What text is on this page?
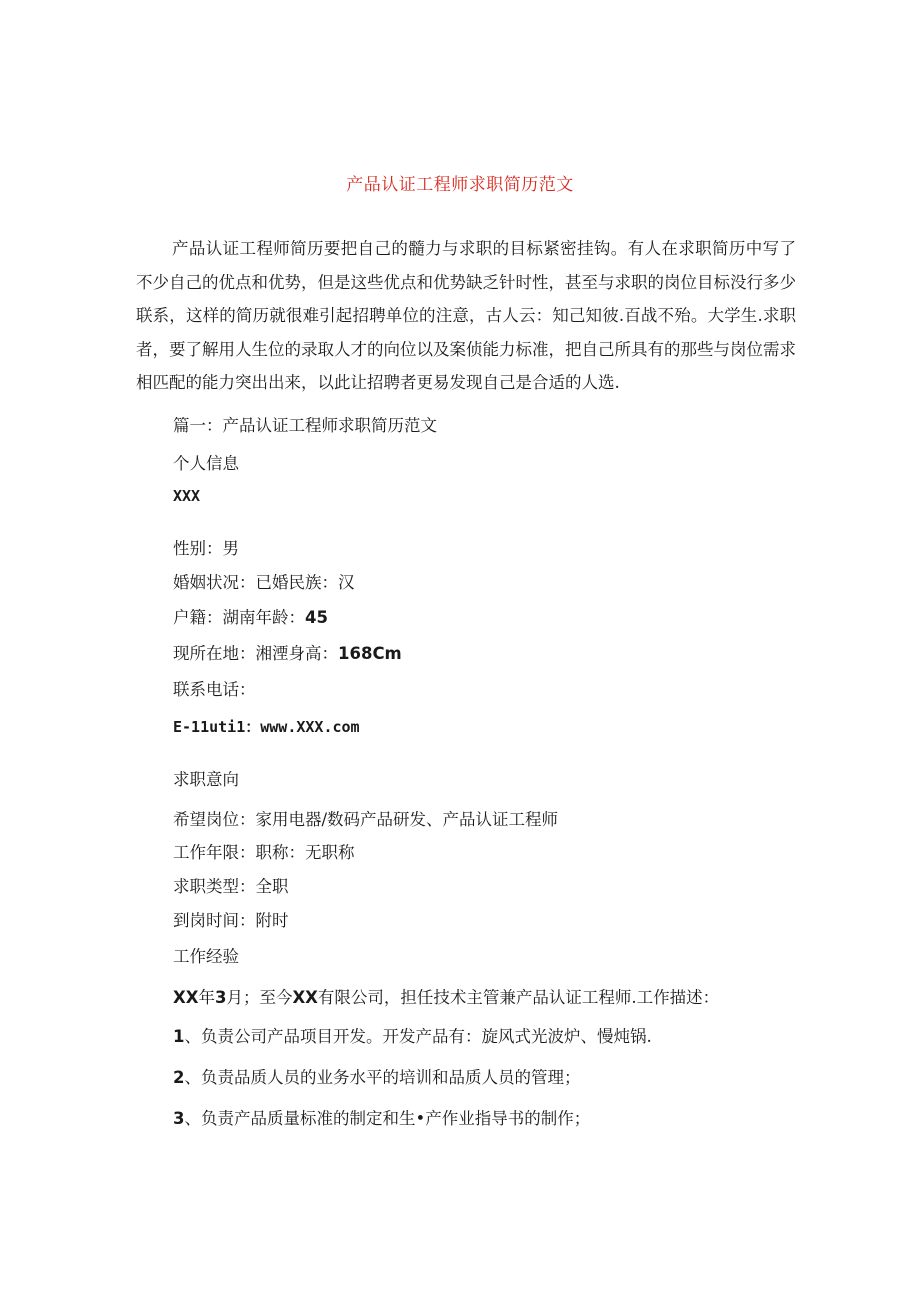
产品认证工程师求职简历范文

产品认证工程师简历要把自己的髓力与求职的目标紧密挂钩。有人在求职简历中写了不少自己的优点和优势，但是这些优点和优势缺乏针时性，甚至与求职的岗位目标没行多少联系，这样的简历就很难引起招聘单位的注意，古人云：知己知彼.百战不殆。大学生.求职者，要了解用人生位的录取人才的向位以及案侦能力标准，把自己所具有的那些与岗位需求相匹配的能力突出出来，以此让招聘者更易发现自己是合适的人选.

篇一：产品认证工程师求职简历范文

个人信息

XXX

性别：男

婚姻状况：已婚民族：汉

户籍：湖南年龄：45

现所在地：湘湮身高：168Cm

联系电话：

E-11uti1：www.XXX.com

求职意向

希望岗位：家用电器/数码产品研发、产品认证工程师

工作年限：职称：无职称

求职类型：全职

到岗时间：附时

工作经验

XX年3月；至今XX有限公司，担任技术主管兼产品认证工程师.工作描述：

1、负责公司产品项目开发。开发产品有：旋风式光波炉、慢炖锅.

2、负责品质人员的业务水平的培训和品质人员的管理；

3、负责产品质量标准的制定和生•产作业指导书的制作；
